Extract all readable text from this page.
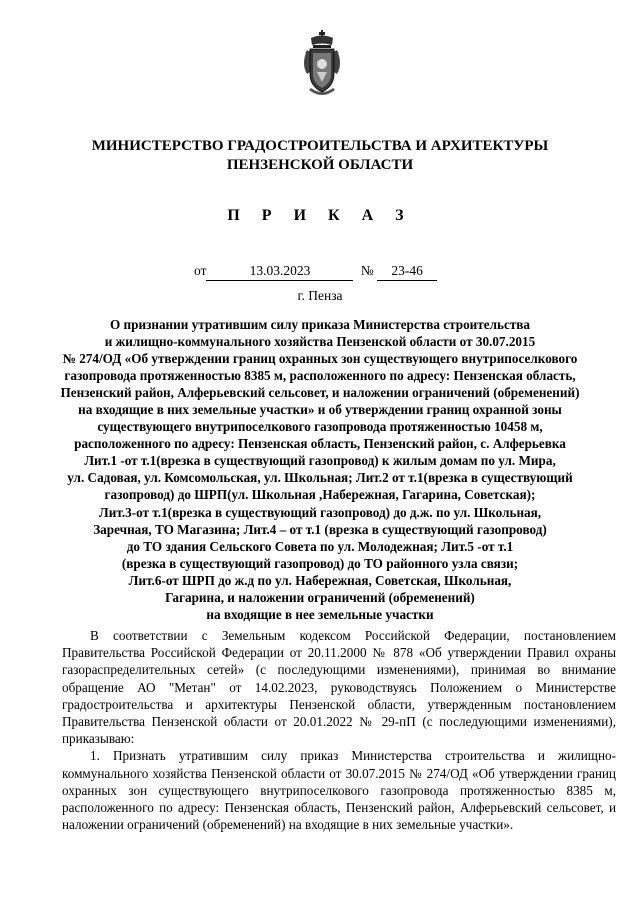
МИНИСТЕРСТВО ГРАДОСТРОИТЕЛЬСТВА И АРХИТЕКТУРЫ
ПЕНЗЕНСКОЙ ОБЛАСТИ
П Р И К А З
от	13.03.2023	№ 23-46
г. Пенза
О признании утратившим силу приказа Министерства строительства
и жилищно-коммунального хозяйства Пензенской области от 30.07.2015
№ 274/ОД «Об утверждении границ охранных зон существующего внутрипоселкового
газопровода протяженностью 8385 м, расположенного по адресу: Пензенская область,
Пензенский район, Алферьевский сельсовет, и наложении ограничений (обременений)
на входящие в них земельные участки» и об утверждении границ охранной зоны
существующего внутрипоселкового газопровода протяженностью 10458 м,
расположенного по адресу: Пензенская область, Пензенский район, с. Алферьевка
Лит.1 -от т.1(врезка в существующий газопровод) к жилым домам по ул. Мира,
ул. Садовая, ул. Комсомольская, ул. Школьная; Лит.2 от т.1(врезка в существующий
газопровод) до ШРП(ул. Школьная ,Набережная, Гагарина, Советская);
Лит.3-от т.1(врезка в существующий газопровод) до д.ж. по ул. Школьная,
Заречная, ТО Магазина; Лит.4 – от т.1 (врезка в существующий газопровод)
до ТО здания Сельского Совета по ул. Молодежная; Лит.5 -от т.1
(врезка в существующий газопровод) до ТО районного узла связи;
Лит.6-от ШРП до ж.д по ул. Набережная, Советская, Школьная,
Гагарина, и наложении ограничений (обременений)
на входящие в нее земельные участки

В соответствии с Земельным кодексом Российской Федерации, постановлением Правительства Российской Федерации от 20.11.2000 № 878 «Об утверждении Правил охраны газораспределительных сетей» (с последующими изменениями), принимая во внимание обращение АО "Метан" от 14.02.2023, руководствуясь Положением о Министерстве градостроительства и архитектуры Пензенской области, утвержденным постановлением Правительства Пензенской области от 20.01.2022 № 29-пП (с последующими изменениями), приказываю:

1. Признать утратившим силу приказ Министерства строительства и жилищно-коммунального хозяйства Пензенской области от 30.07.2015 № 274/ОД «Об утверждении границ охранных зон существующего внутрипоселкового газопровода протяженностью 8385 м, расположенного по адресу: Пензенская область, Пензенский район, Алферьевский сельсовет, и наложении ограничений (обременений) на входящие в них земельные участки».
